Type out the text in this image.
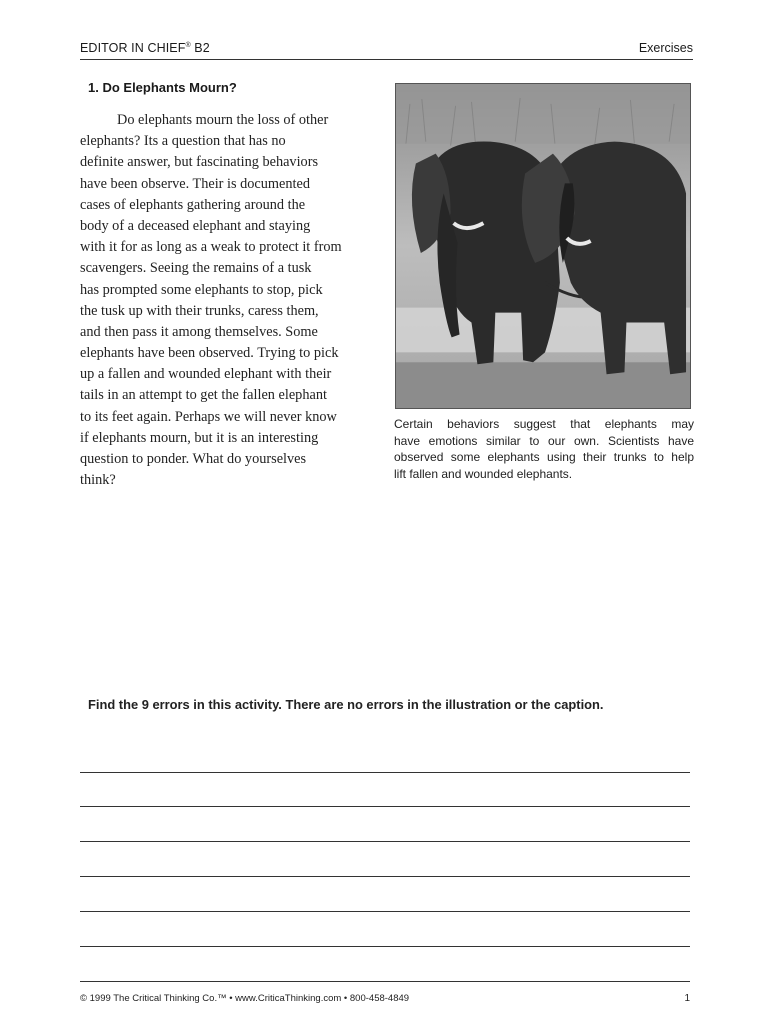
EDITOR IN CHIEF® B2	Exercises
1. Do Elephants Mourn?
Do elephants mourn the loss of other
elephants? Its a question that has no
definite answer, but fascinating behaviors
have been observe. Their is documented
cases of elephants gathering around the
body of a deceased elephant and staying
with it for as long as a weak to protect it from
scavengers. Seeing the remains of a tusk
has prompted some elephants to stop, pick
the tusk up with their trunks, caress them,
and then pass it among themselves. Some
elephants have been observed. Trying to pick
up a fallen and wounded elephant with their
tails in an attempt to get the fallen elephant
to its feet again. Perhaps we will never know
if elephants mourn, but it is an interesting
question to ponder. What do yourselves
think?
Certain behaviors suggest that elephants may
have emotions similar to our own. Scientists have
observed some elephants using their trunks to help
lift fallen and wounded elephants.
Find the 9 errors in this activity. There are no errors in the illustration or the caption.
© 1999 The Critical Thinking Co.™ • www.CriticaThinking.com • 800-458-4849	1
